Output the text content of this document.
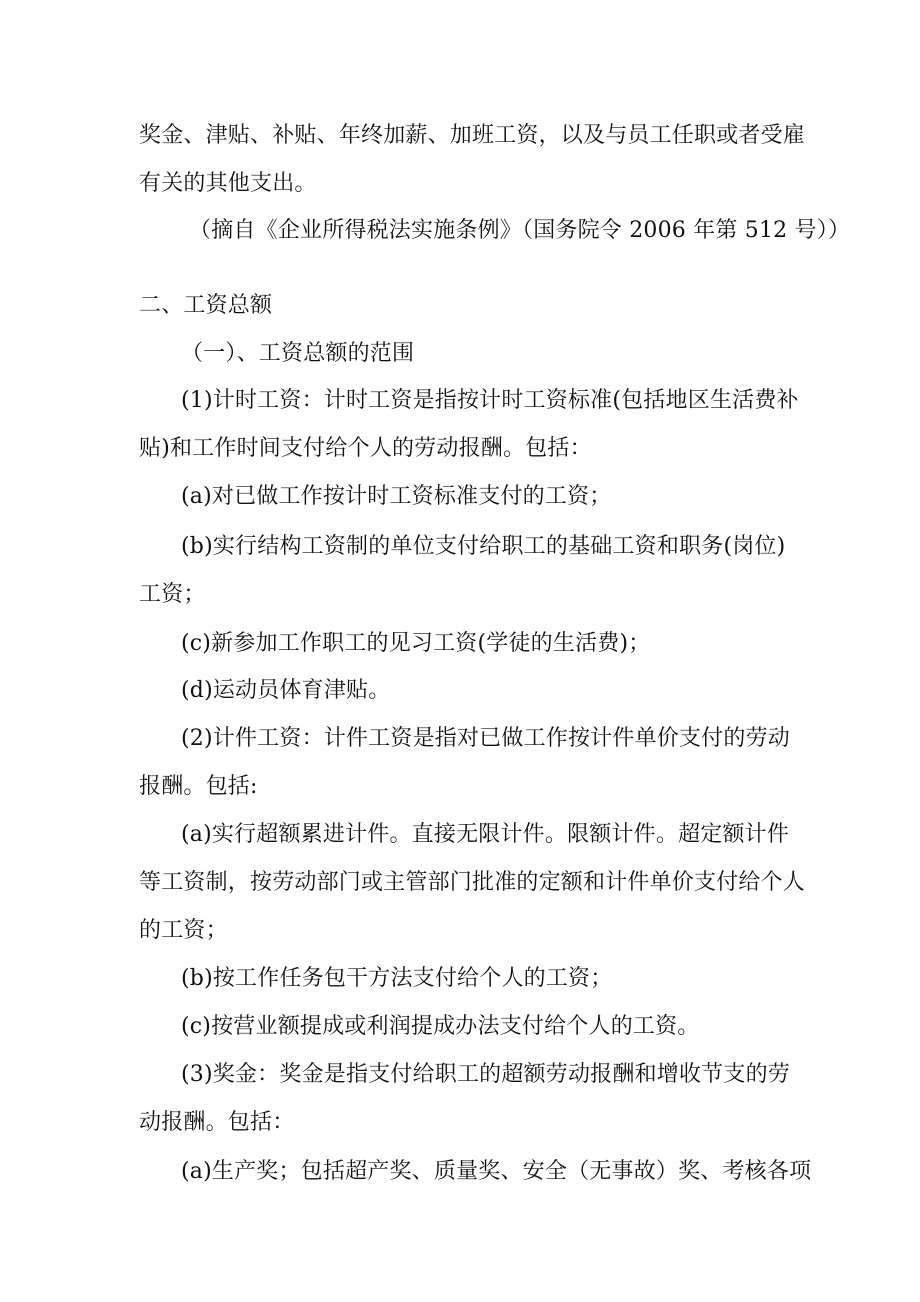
奖金、津贴、补贴、年终加薪、加班工资，以及与员工任职或者受雇
有关的其他支出。
（摘自《企业所得税法实施条例》（国务院令 2006 年第 512 号））
二、工资总额
（一）、工资总额的范围
(1)计时工资：计时工资是指按计时工资标准(包括地区生活费补
贴)和工作时间支付给个人的劳动报酬。包括：
(a)对已做工作按计时工资标准支付的工资；
(b)实行结构工资制的单位支付给职工的基础工资和职务(岗位)
工资；
(c)新参加工作职工的见习工资(学徒的生活费)；
(d)运动员体育津贴。
(2)计件工资：计件工资是指对已做工作按计件单价支付的劳动
报酬。包括:
(a)实行超额累进计件。直接无限计件。限额计件。超定额计件
等工资制，按劳动部门或主管部门批准的定额和计件单价支付给个人
的工资；
(b)按工作任务包干方法支付给个人的工资；
(c)按营业额提成或利润提成办法支付给个人的工资。
(3)奖金：奖金是指支付给职工的超额劳动报酬和增收节支的劳
动报酬。包括：
(a)生产奖；包括超产奖、质量奖、安全（无事故）奖、考核各项
